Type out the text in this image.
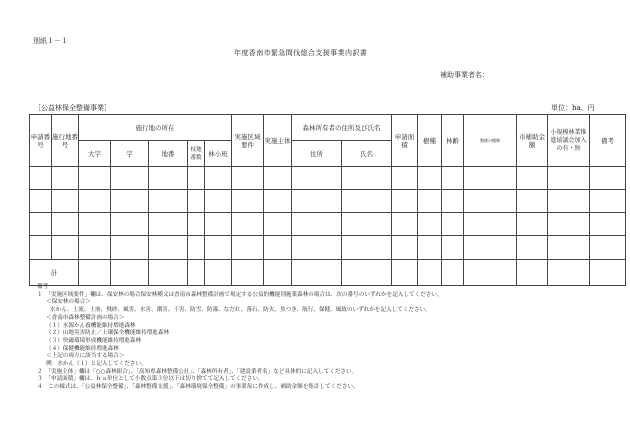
別紙１－１
年度香南市緊急間伐総合支援事業内訳書
補助事業者名：
［公益林保全整備事業］	単位：ha、円
申請番号	施行地番号	施行地の所在					実施区域要件	実施主体	森林所有者の住所及び氏名		申請面積	樹種	林齢	整備の種類	市補助金額	小規模林業推進協議会加入の有・無	備考
		大字	字	地番	枝地番数	林小班			住所	氏名							

計																	
備考
１　「実施区域要件」欄は、保安林の場合保安林種又は香南市森林整備計画で規定する公益的機能別施業森林の場合は、次の番号のいずれかを記入してください。
＜保安林の場合＞
水かん、土流、土崩、飛砂、風害、水害、潮害、干害、防雪、防霧、なだれ、落石、防火、魚つき、航行、保健、風致のいずれかを記入してください。
＜香南市森林整備計画の場合＞
（１）水源かん養機能維持増進森林
（２）山地災害防止／土壌保全機能維持増進森林
（３）快適環境形成機能維持増進森林
（４）保健機能維持増進森林
＜上記の両方に該当する場合＞
例：水かん（１）と記入してください。
２　「実施主体」欄は「○○森林組合」、「高知県森林整備公社」、「森林所有者」、「建設業者名」など具体的に記入してください。
３　「申請面積」欄は、ｈａ単位として小数点第３位以下は切り捨てて記入してください。
４　この様式は、「公益林保全整備」、「森林整備支援」、「森林環境保全整備」の事業毎に作成し、補助金額を集計してください。
